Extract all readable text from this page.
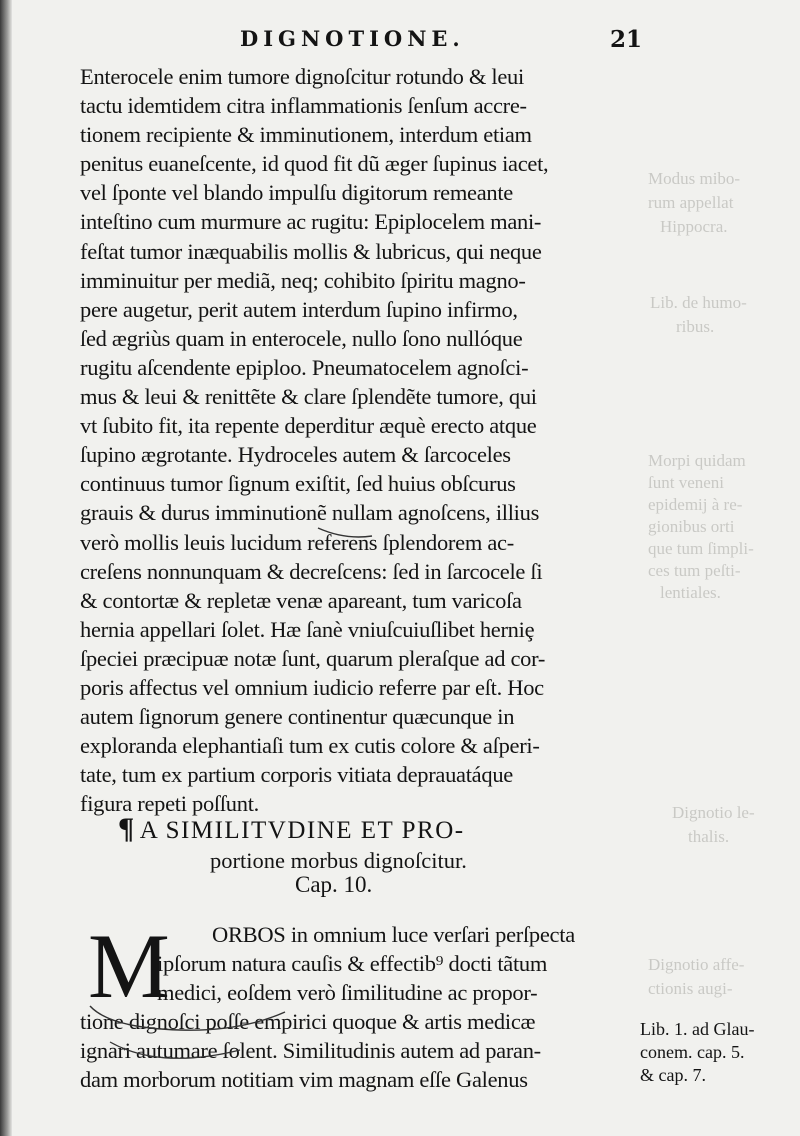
Modus mibo-
rum appellat
Hippocra.
Lib. de humo-
ribus.
Morpi quidam
ſunt veneni
epidemij à re-
gionibus orti
que tum ſimpli-
ces tum peſti-
lentiales.
Dignotio le-
thalis.
Dignotio affe-
ctionis augi-
DIGNOTIONE.	21
Enterocele enim tumore dignoſcitur rotundo & leui
tactu idemtidem citra inflammationis ſenſum accre-
tionem recipiente & imminutionem, interdum etiam
penitus euaneſcente, id quod fit dũ æger ſupinus iacet,
vel ſponte vel blando impulſu digitorum remeante
inteſtino cum murmure ac rugitu: Epiplocelem mani-
feſtat tumor inæquabilis mollis & lubricus, qui neque
imminuitur per mediã, neq; cohibito ſpiritu magno-
pere augetur, perit autem interdum ſupino infirmo,
ſed ægriùs quam in enterocele, nullo ſono nullóque
rugitu aſcendente epiploo. Pneumatocelem agnoſci-
mus & leui & renittẽte & clare ſplendẽte tumore, qui
vt ſubito fit, ita repente deperditur æquè erecto atque
ſupino ægrotante. Hydroceles autem & ſarcoceles
continuus tumor ſignum exiſtit, ſed huius obſcurus
grauis & durus imminutionẽ nullam agnoſcens, illius
verò mollis leuis lucidum referens ſplendorem ac-
creſens nonnunquam & decreſcens: ſed in ſarcocele ſi
& contortæ & repletæ venæ apareant, tum varicoſa
hernia appellari ſolet. Hæ ſanè vniuſcuiuſlibet herniȩ
ſpeciei præcipuæ notæ ſunt, quarum pleraſque ad cor-
poris affectus vel omnium iudicio referre par eſt. Hoc
autem ſignorum genere continentur quæcunque in
exploranda elephantiaſi tum ex cutis colore & aſperi-
tate, tum ex partium corporis vitiata deprauatáque
figura repeti poſſunt.
¶ A SIMILITVDINE ET PRO-
portione morbus dignoſcitur.
Cap. 10.
M ORBOS in omnium luce verſari perſpecta
ipſorum natura cauſis & effectib⁹ docti tãtum
medici, eoſdem verò ſimilitudine ac propor-
tione dignoſci poſſe empirici quoque & artis medicæ
ignari autumare ſolent. Similitudinis autem ad paran-
dam morborum notitiam vim magnam eſſe Galenus
Lib. 1. ad Glau-
conem. cap. 5.
& cap. 7.
